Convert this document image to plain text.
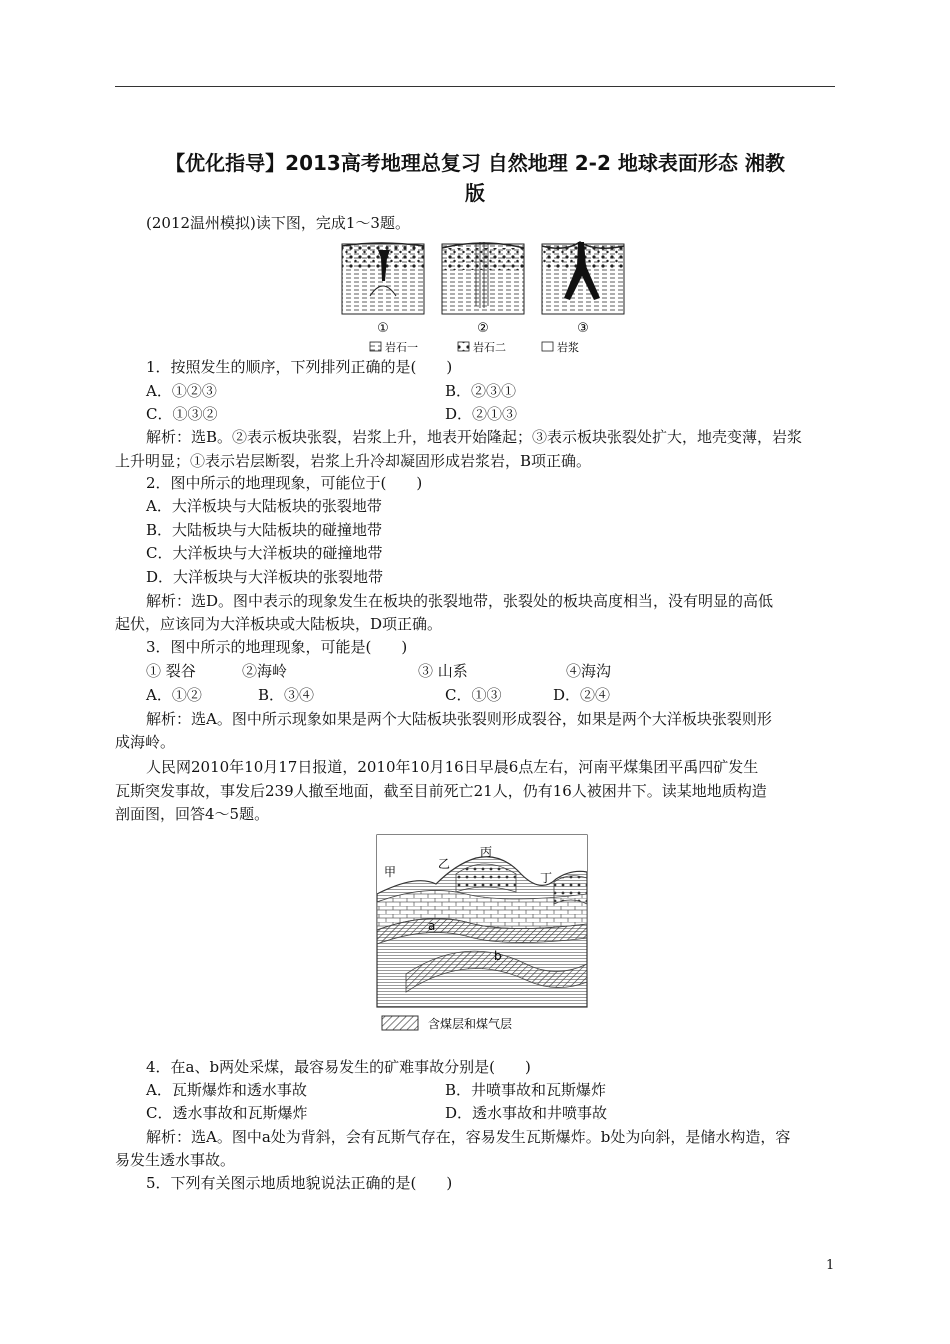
【优化指导】2013高考地理总复习 自然地理 2-2 地球表面形态 湘教
版
(2012温州模拟)读下图，完成1～3题。
①	②	③
岩石一	岩石二	岩浆
1．按照发生的顺序，下列排列正确的是(　　)
A．①②③	B．②③①
C．①③②	D．②①③
解析：选B。②表示板块张裂，岩浆上升，地表开始隆起；③表示板块张裂处扩大，地壳变薄，岩浆
上升明显；①表示岩层断裂，岩浆上升冷却凝固形成岩浆岩，B项正确。
2．图中所示的地理现象，可能位于(　　)
A．大洋板块与大陆板块的张裂地带
B．大陆板块与大陆板块的碰撞地带
C．大洋板块与大洋板块的碰撞地带
D．大洋板块与大洋板块的张裂地带
解析：选D。图中表示的现象发生在板块的张裂地带，张裂处的板块高度相当，没有明显的高低
起伏，应该同为大洋板块或大陆板块，D项正确。
3．图中所示的地理现象，可能是(　　)
① 裂谷	②海岭	③ 山系	④海沟
A．①②	B．③④	C．①③	D．②④
解析：选A。图中所示现象如果是两个大陆板块张裂则形成裂谷，如果是两个大洋板块张裂则形
成海岭。
人民网2010年10月17日报道，2010年10月16日早晨6点左右，河南平煤集团平禹四矿发生
瓦斯突发事故，事发后239人撤至地面，截至目前死亡21人，仍有16人被困井下。读某地地质构造
剖面图，回答4～5题。
甲
乙
丙
丁
a
b
含煤层和煤气层
4．在a、b两处采煤，最容易发生的矿难事故分别是(　　)
A．瓦斯爆炸和透水事故	B．井喷事故和瓦斯爆炸
C．透水事故和瓦斯爆炸	D．透水事故和井喷事故
解析：选A。图中a处为背斜，会有瓦斯气存在，容易发生瓦斯爆炸。b处为向斜，是储水构造，容
易发生透水事故。
5．下列有关图示地质地貌说法正确的是(　　)
1
